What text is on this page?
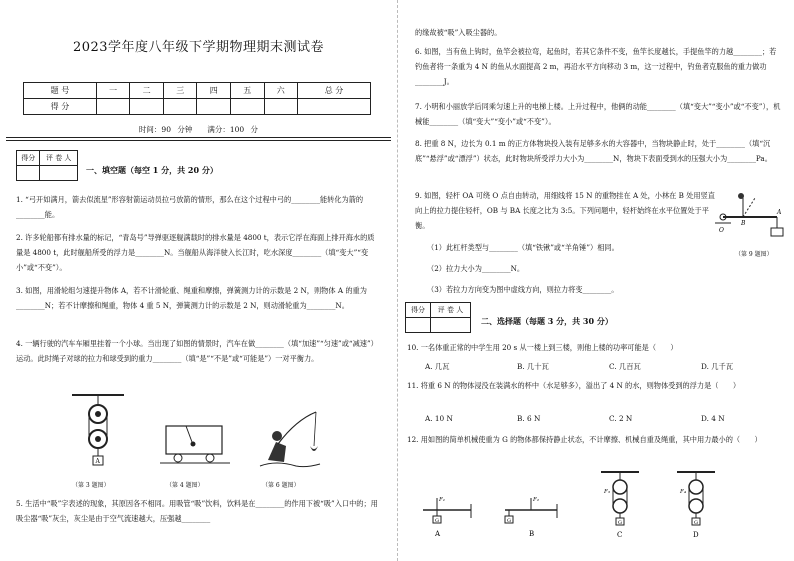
2023学年度八年级下学期物理期末测试卷
题 号	一	二	三	四	五	六	总 分
得 分							
时间：90 分钟　　满分：100 分
得分	评 卷 人

一、填空题（每空 1 分，共 20 分）
1. “弓开如满月，箭去似流星”形容射箭运动员拉弓放箭的情形，那么在这个过程中弓的________能转化为箭的________能。
2. 许多轮船都有排水量的标记，“青岛号”导弹驱逐舰满载时的排水量是 4800 t，表示它浮在海面上排开海水的质量是 4800 t，此时舰船所受的浮力是________N。当舰船从海洋驶入长江时，吃水深度________（填“变大”“变小”或“不变”）。
3. 如图，用滑轮组匀速提升物体 A，若不计滑轮重、绳重和摩擦，弹簧测力计的示数是 2 N，则物体 A 的重为________N；若不计摩擦和绳重，物体 4 重 5 N，弹簧测力计的示数是 2 N，则动滑轮重为________N。
4. 一辆行驶的汽车车厢里挂着一个小球。当出现了如图的情景时，汽车在做________（填“加速”“匀速”或“减速”）运动。此时绳子对球的拉力和球受到的重力________（填“是”“不是”或“可能是”）一对平衡力。
A
（第 3 题图）	（第 4 题图）	（第 6 题图）
5. 生活中“吸”字表述的现象，其原因各不相同。用吸管“吸”饮料，饮料是在________的作用下被“吸”入口中的；用吸尘器“吸”灰尘，灰尘是由于空气流速越大，压强越________
的缘故被“吸”入吸尘器的。
6. 如图，当有鱼上钩时，鱼竿会被拉弯，起鱼时，若其它条件不变，鱼竿长度越长，手提鱼竿的力越________；若钓鱼者将一条重为 4 N 的鱼从水面提高 2 m，再沿水平方向移动 3 m，这一过程中，钓鱼者克服鱼的重力做功________J。
7. 小明和小丽放学后同乘匀速上升的电梯上楼。上升过程中，他俩的动能________（填“变大”“变小”或“不变”），机械能________（填“变大”“变小”或“不变”）。
8. 把重 8 N，边长为 0.1 m 的正方体物块投入装有足够多水的大容器中，当物块静止时，处于________（填“沉底”“悬浮”或“漂浮”）状态，此时物块所受浮力大小为________N，物块下表面受到水的压强大小为________Pa。
9. 如图，轻杆 OA 可绕 O 点自由转动，用细线将 15 N 的重物挂在 A 处，小林在 B 处用竖直向上的拉力提住轻杆，OB 与 BA 长度之比为 3:5。下列问题中，轻杆始终在水平位置处于平衡。
（1）此杠杆类型与________（填“铁锹”或“羊角锤”）相同。
（2）拉力大小为________N。
（3）若拉力方向变为图中虚线方向，则拉力将变________。
O
B
A
（第 9 题图）
得分	评 卷 人

二、选择题（每题 3 分，共 30 分）
10. 一名体重正常的中学生用 20 s 从一楼上到三楼，则他上楼的功率可能是（　　）
A. 几瓦	B. 几十瓦	C. 几百瓦	D. 几千瓦
11. 将重 6 N 的物体浸没在装满水的杯中（水足够多），溢出了 4 N 的水，则物体受到的浮力是（　　）
A. 10 N	B. 6 N	C. 2 N	D. 4 N
12. 用如图的简单机械使重为 G 的物体都保持静止状态，不计摩擦、机械自重及绳重，其中用力最小的（　　）
F₁
G
A
F₂
G
B
F₃
G
C
F₄
G
D
